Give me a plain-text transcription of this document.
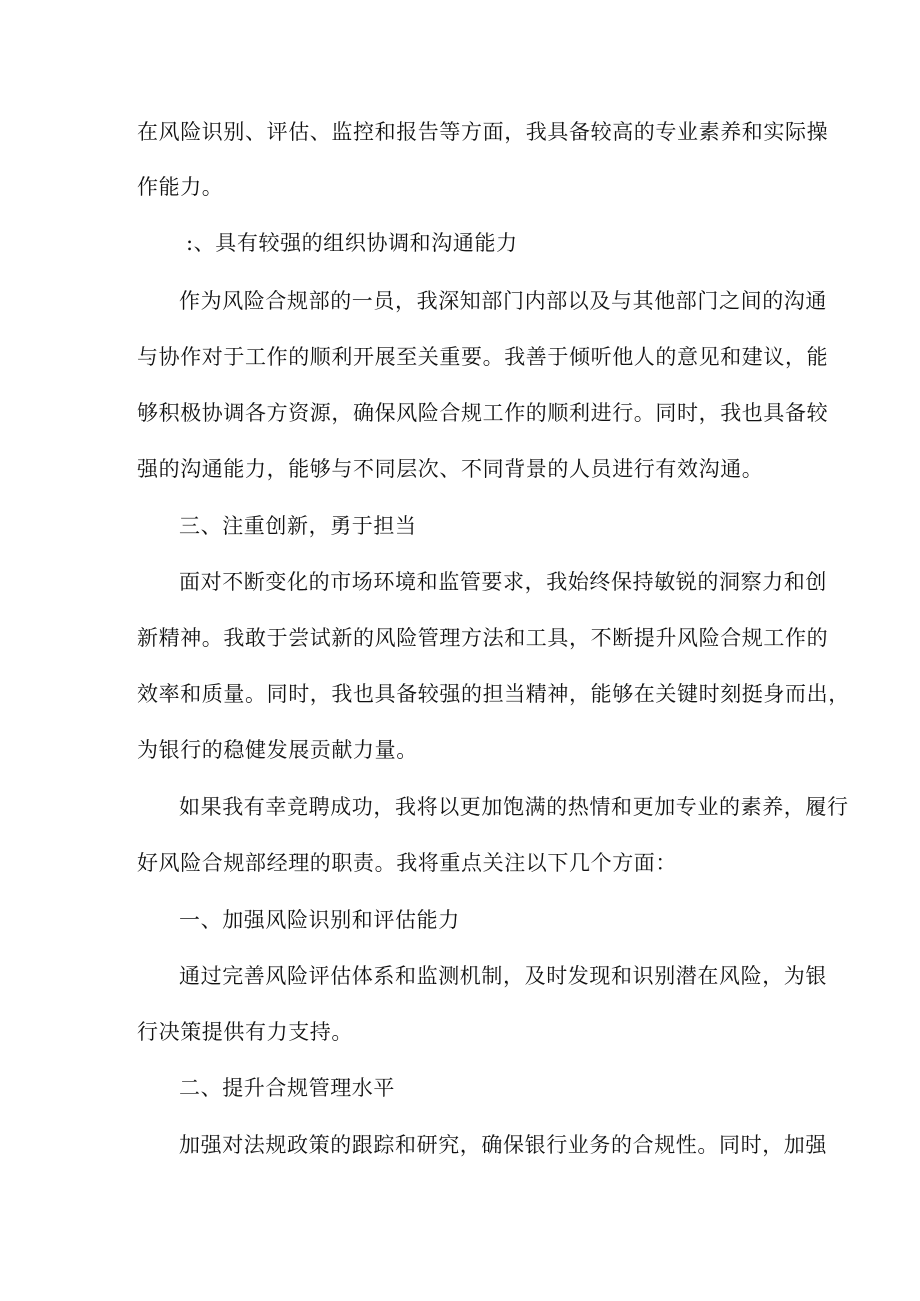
在风险识别、评估、监控和报告等方面，我具备较高的专业素养和实际操
作能力。
:、具有较强的组织协调和沟通能力
作为风险合规部的一员，我深知部门内部以及与其他部门之间的沟通
与协作对于工作的顺利开展至关重要。我善于倾听他人的意见和建议，能
够积极协调各方资源，确保风险合规工作的顺利进行。同时，我也具备较
强的沟通能力，能够与不同层次、不同背景的人员进行有效沟通。
三、注重创新，勇于担当
面对不断变化的市场环境和监管要求，我始终保持敏锐的洞察力和创
新精神。我敢于尝试新的风险管理方法和工具，不断提升风险合规工作的
效率和质量。同时，我也具备较强的担当精神，能够在关键时刻挺身而出，
为银行的稳健发展贡献力量。
如果我有幸竞聘成功，我将以更加饱满的热情和更加专业的素养，履行
好风险合规部经理的职责。我将重点关注以下几个方面：
一、加强风险识别和评估能力
通过完善风险评估体系和监测机制，及时发现和识别潜在风险，为银
行决策提供有力支持。
二、提升合规管理水平
加强对法规政策的跟踪和研究，确保银行业务的合规性。同时，加强
